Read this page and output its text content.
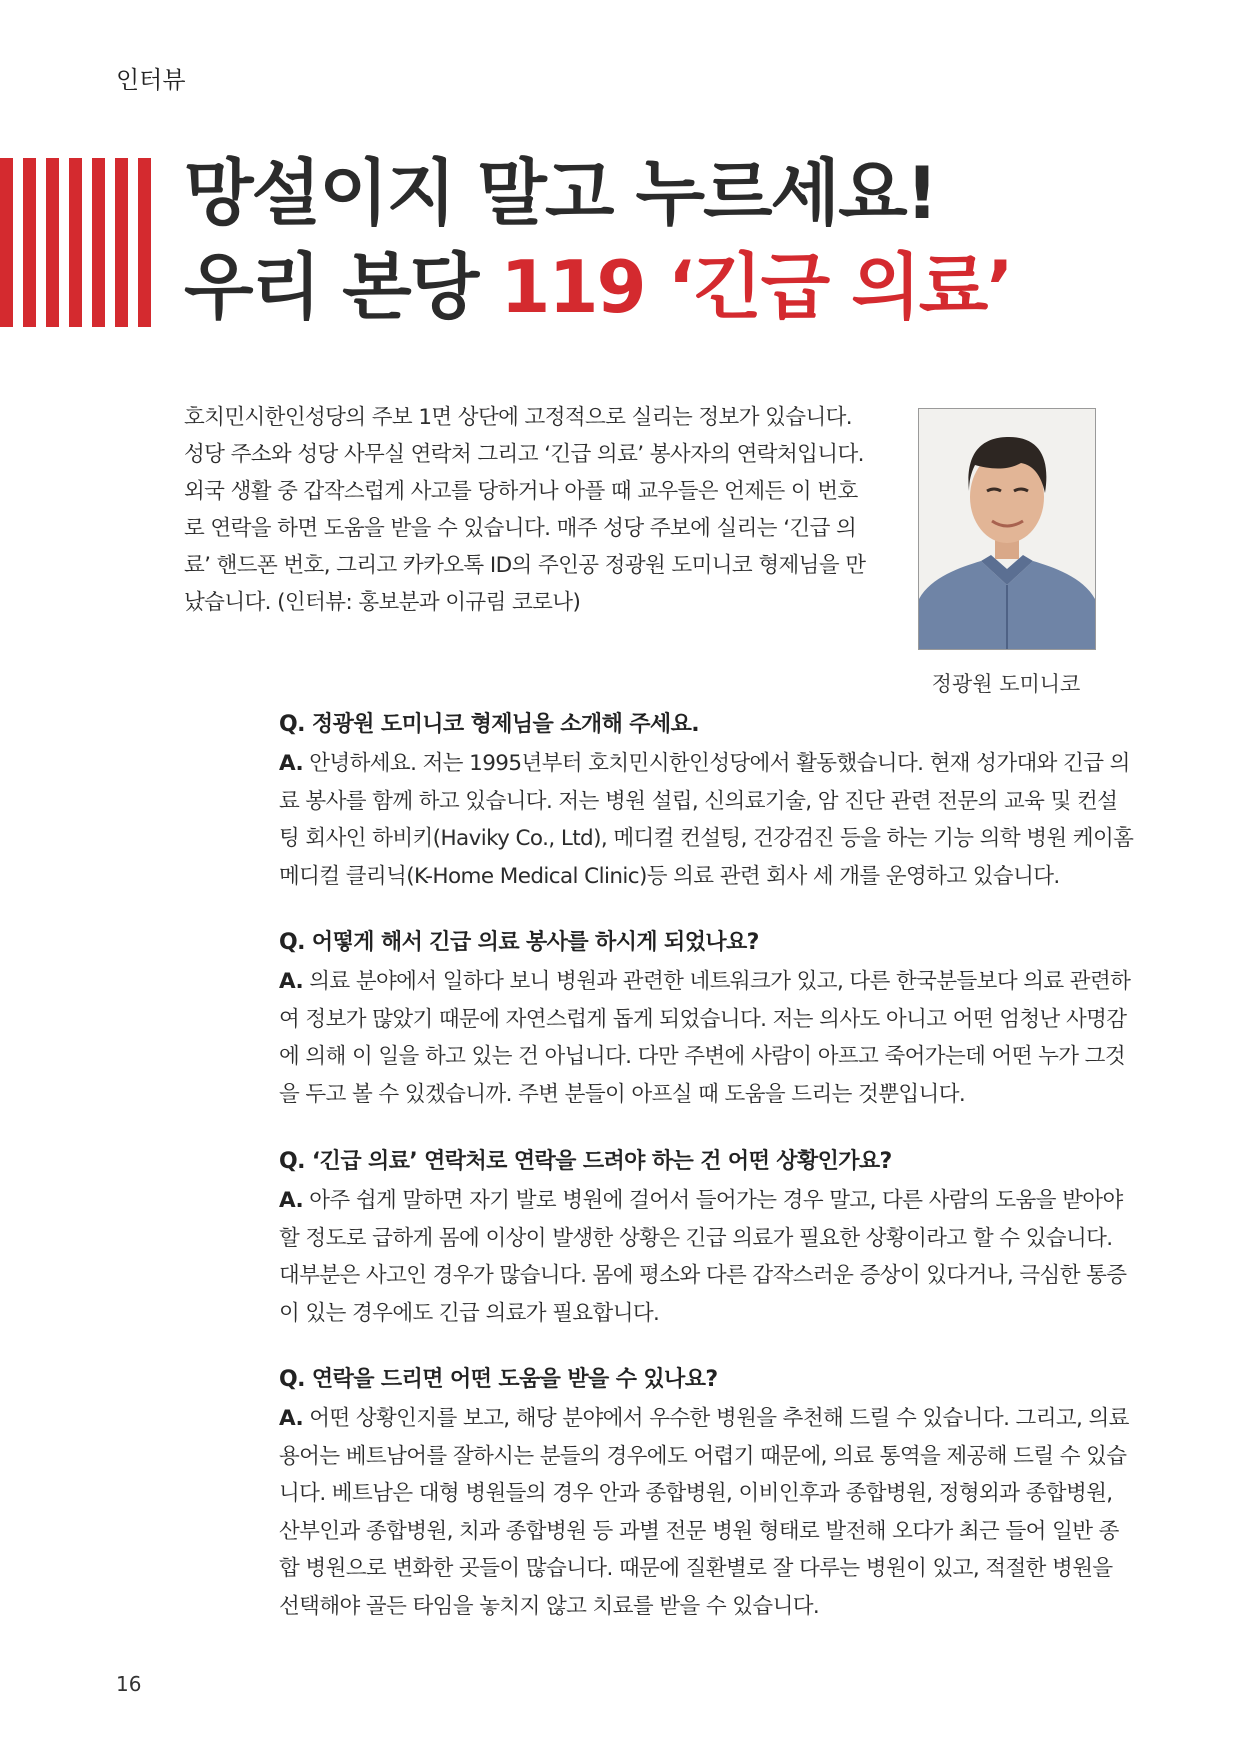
인터뷰
망설이지 말고 누르세요!
우리 본당 119 ‘긴급 의료’
호치민시한인성당의 주보 1면 상단에 고정적으로 실리는 정보가 있습니다. 성당 주소와 성당 사무실 연락처 그리고 ‘긴급 의료’ 봉사자의 연락처입니다. 외국 생활 중 갑작스럽게 사고를 당하거나 아플 때 교우들은 언제든 이 번호로 연락을 하면 도움을 받을 수 있습니다. 매주 성당 주보에 실리는 ‘긴급 의료’ 핸드폰 번호, 그리고 카카오톡 ID의 주인공 정광원 도미니코 형제님을 만났습니다. (인터뷰: 홍보분과 이규림 코로나)
정광원 도미니코
Q. 정광원 도미니코 형제님을 소개해 주세요.
A. 안녕하세요. 저는 1995년부터 호치민시한인성당에서 활동했습니다. 현재 성가대와 긴급 의료 봉사를 함께 하고 있습니다. 저는 병원 설립, 신의료기술, 암 진단 관련 전문의 교육 및 컨설팅 회사인 하비키(Haviky Co., Ltd), 메디컬 컨설팅, 건강검진 등을 하는 기능 의학 병원 케이홈 메디컬 클리닉(K-Home Medical Clinic)등 의료 관련 회사 세 개를 운영하고 있습니다.
Q. 어떻게 해서 긴급 의료 봉사를 하시게 되었나요?
A. 의료 분야에서 일하다 보니 병원과 관련한 네트워크가 있고, 다른 한국분들보다 의료 관련하여 정보가 많았기 때문에 자연스럽게 돕게 되었습니다. 저는 의사도 아니고 어떤 엄청난 사명감에 의해 이 일을 하고 있는 건 아닙니다. 다만 주변에 사람이 아프고 죽어가는데 어떤 누가 그것을 두고 볼 수 있겠습니까. 주변 분들이 아프실 때 도움을 드리는 것뿐입니다.
Q. ‘긴급 의료’ 연락처로 연락을 드려야 하는 건 어떤 상황인가요?
A. 아주 쉽게 말하면 자기 발로 병원에 걸어서 들어가는 경우 말고, 다른 사람의 도움을 받아야 할 정도로 급하게 몸에 이상이 발생한 상황은 긴급 의료가 필요한 상황이라고 할 수 있습니다. 대부분은 사고인 경우가 많습니다. 몸에 평소와 다른 갑작스러운 증상이 있다거나, 극심한 통증이 있는 경우에도 긴급 의료가 필요합니다.
Q. 연락을 드리면 어떤 도움을 받을 수 있나요?
A. 어떤 상황인지를 보고, 해당 분야에서 우수한 병원을 추천해 드릴 수 있습니다. 그리고, 의료 용어는 베트남어를 잘하시는 분들의 경우에도 어렵기 때문에, 의료 통역을 제공해 드릴 수 있습니다. 베트남은 대형 병원들의 경우 안과 종합병원, 이비인후과 종합병원, 정형외과 종합병원, 산부인과 종합병원, 치과 종합병원 등 과별 전문 병원 형태로 발전해 오다가 최근 들어 일반 종합 병원으로 변화한 곳들이 많습니다. 때문에 질환별로 잘 다루는 병원이 있고, 적절한 병원을 선택해야 골든 타임을 놓치지 않고 치료를 받을 수 있습니다.
16
